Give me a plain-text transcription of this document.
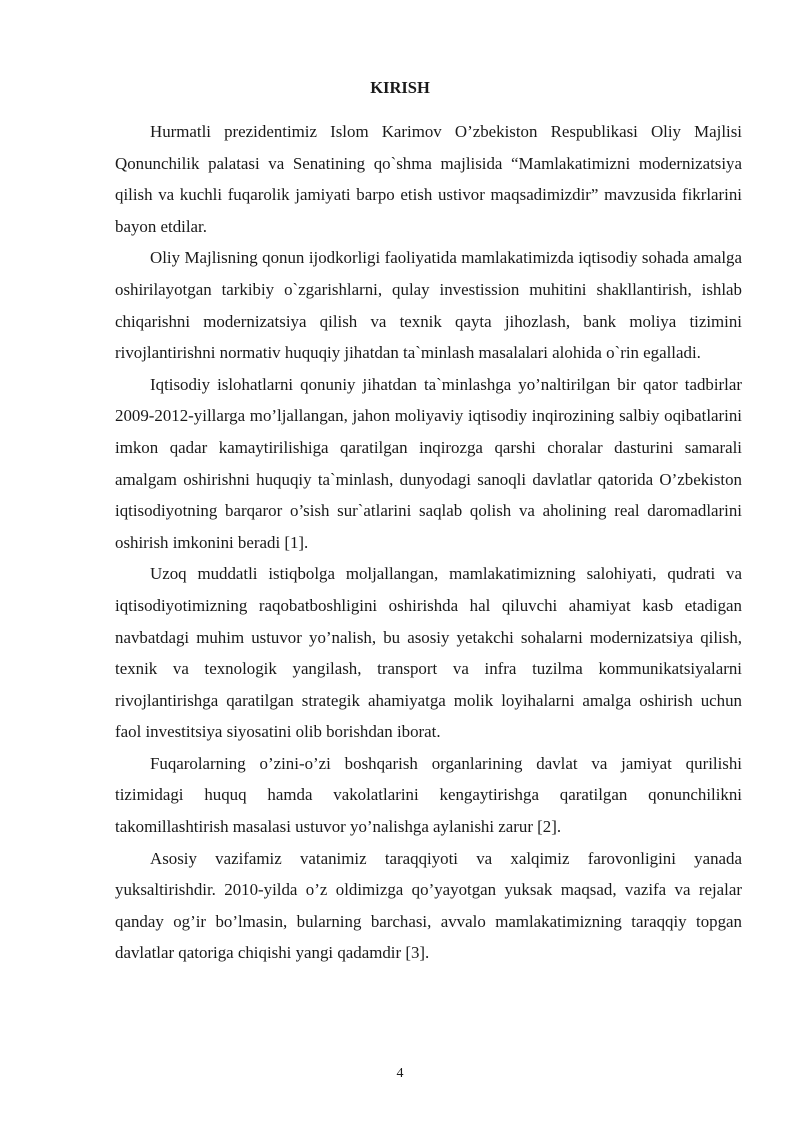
KIRISH

Hurmatli prezidentimiz Islom Karimov O’zbekiston Respublikasi Oliy Majlisi Qonunchilik palatasi va Senatining qo`shma majlisida “Mamlakatimizni modernizatsiya qilish va kuchli fuqarolik jamiyati barpo etish ustivor maqsadimizdir” mavzusida fikrlarini bayon etdilar.

Oliy Majlisning qonun ijodkorligi faoliyatida mamlakatimizda iqtisodiy sohada amalga oshirilayotgan tarkibiy o`zgarishlarni, qulay investission muhitini shakllantirish, ishlab chiqarishni modernizatsiya qilish va texnik qayta jihozlash, bank moliya tizimini rivojlantirishni normativ huquqiy jihatdan ta`minlash masalalari alohida o`rin egalladi.

Iqtisodiy islohatlarni qonuniy jihatdan ta`minlashga yo’naltirilgan bir qator tadbirlar 2009-2012-yillarga mo’ljallangan, jahon moliyaviy iqtisodiy inqirozining salbiy oqibatlarini imkon qadar kamaytirilishiga qaratilgan inqirozga qarshi choralar dasturini samarali amalgam oshirishni huquqiy ta`minlash, dunyodagi sanoqli davlatlar qatorida O’zbekiston iqtisodiyotning barqaror o’sish sur`atlarini saqlab qolish va aholining real daromadlarini oshirish imkonini beradi [1].

Uzoq muddatli istiqbolga moljallangan, mamlakatimizning salohiyati, qudrati va iqtisodiyotimizning raqobatboshligini oshirishda hal qiluvchi ahamiyat kasb etadigan navbatdagi muhim ustuvor yo’nalish, bu asosiy yetakchi sohalarni modernizatsiya qilish, texnik va texnologik yangilash, transport va infra tuzilma kommunikatsiyalarni rivojlantirishga qaratilgan strategik ahamiyatga molik loyihalarni amalga oshirish uchun faol investitsiya siyosatini olib borishdan iborat.

Fuqarolarning o’zini-o’zi boshqarish organlarining davlat va jamiyat qurilishi tizimidagi huquq hamda vakolatlarini kengaytirishga qaratilgan qonunchilikni takomillashtirish masalasi ustuvor yo’nalishga aylanishi zarur [2].

Asosiy vazifamiz vatanimiz taraqqiyoti va xalqimiz farovonligini yanada yuksaltirishdir. 2010-yilda o’z oldimizga qo’yayotgan yuksak maqsad, vazifa va rejalar qanday og’ir bo’lmasin, bularning barchasi, avvalo mamlakatimizning taraqqiy topgan davlatlar qatoriga chiqishi yangi qadamdir [3].

4
